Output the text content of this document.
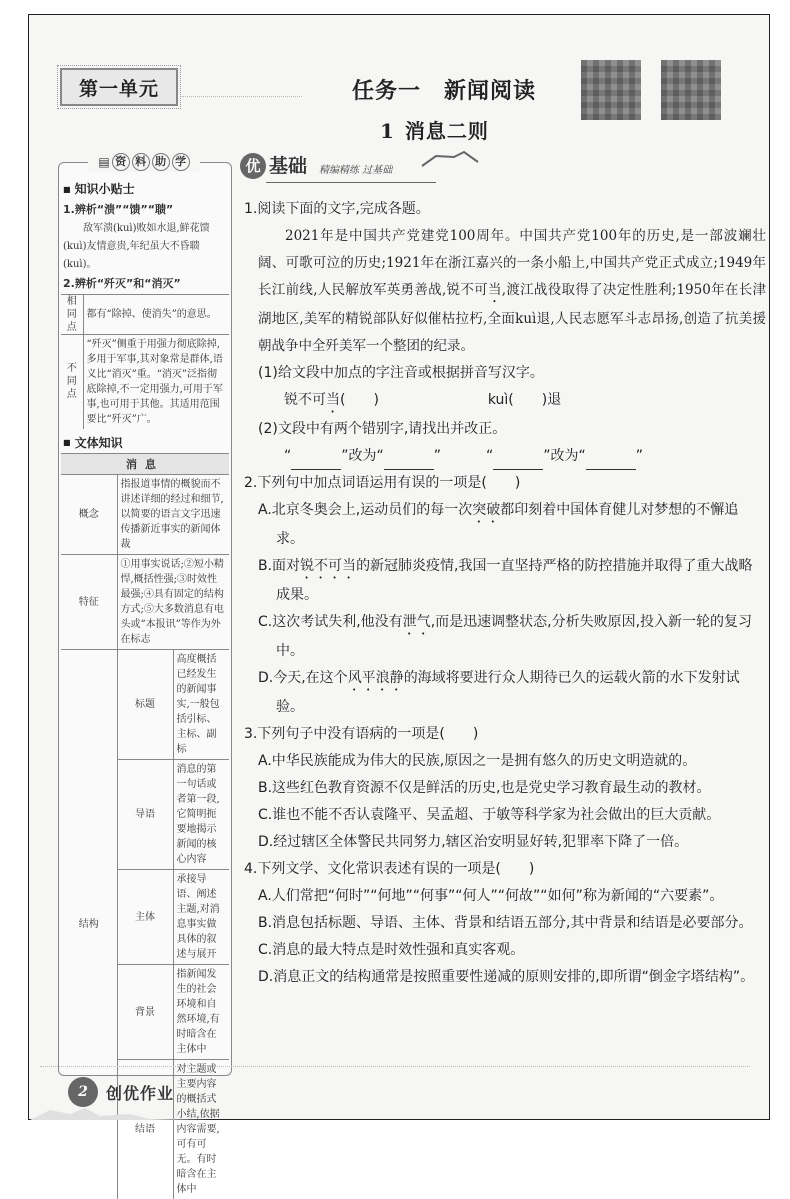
第一单元	任务一　新闻阅读
1 消息二则
▤ 资 料 助 学
■ 知识小贴士
1.辨析“溃”“馈”“聩”
敌军溃(kuì)败如水退,鲜花馈(kuì)友情意贵,年纪虽大不昏聩(kuì)。
2.辨析“歼灭”和“消灭”
相同点	都有“除掉、使消失”的意思。
不同点	“歼灭”侧重于用强力彻底除掉,多用于军事,其对象常是群体,语义比“消灭”重。“消灭”泛指彻底除掉,不一定用强力,可用于军事,也可用于其他。其适用范围要比“歼灭”广。
■ 文体知识
消息		
概念	指报道事情的概貌而不讲述详细的经过和细节,以简要的语言文字迅速传播新近事实的新闻体裁	
特征	①用事实说话;②短小精悍,概括性强;③时效性最强;④具有固定的结构方式;⑤大多数消息有电头或“本报讯”等作为外在标志	
结构	标题	高度概括已经发生的新闻事实,一般包括引标、主标、副标
	导语	消息的第一句话或者第一段,它简明扼要地揭示新闻的核心内容
	主体	承接导语、阐述主题,对消息事实做具体的叙述与展开
	背景	指新闻发生的社会环境和自然环境,有时暗含在主体中
	结语	对主题或主要内容的概括式小结,依据内容需要,可有可无。有时暗含在主体中
优 基础 精编精练 过基础
原创题
1.阅读下面的文字,完成各题。
2021年是中国共产党建党100周年。中国共产党100年的历史,是一部波斓壮阔、可歌可泣的历史;1921年在浙江嘉兴的一条小船上,中国共产党正式成立;1949年长江前线,人民解放军英勇善战,锐不可当,渡江战役取得了决定性胜利;1950年在长津湖地区,美军的精锐部队好似催枯拉朽,全面kuì退,人民志愿军斗志昂扬,创造了抗美援朝战争中全歼美军一个整团的纪录。
(1)给文段中加点的字注音或根据拼音写汉字。
锐不可当(　　)	kuì(　　)退
(2)文段中有两个错别字,请找出并改正。
“	”改为“	”	“	”改为“	”
2.下列句中加点词语运用有误的一项是(　　)
A.北京冬奥会上,运动员们的每一次突破都印刻着中国体育健儿对梦想的不懈追求。
B.面对锐不可当的新冠肺炎疫情,我国一直坚持严格的防控措施并取得了重大战略成果。
C.这次考试失利,他没有泄气,而是迅速调整状态,分析失败原因,投入新一轮的复习中。
D.今天,在这个风平浪静的海域将要进行众人期待已久的运载火箭的水下发射试验。
3.下列句子中没有语病的一项是(　　)
A.中华民族能成为伟大的民族,原因之一是拥有悠久的历史文明造就的。
B.这些红色教育资源不仅是鲜活的历史,也是党史学习教育最生动的教材。
C.谁也不能不否认袁隆平、吴孟超、于敏等科学家为社会做出的巨大贡献。
D.经过辖区全体警民共同努力,辖区治安明显好转,犯罪率下降了一倍。
4.下列文学、文化常识表述有误的一项是(　　)
A.人们常把“何时”“何地”“何事”“何人”“何故”“如何”称为新闻的“六要素”。
B.消息包括标题、导语、主体、背景和结语五部分,其中背景和结语是必要部分。
C.消息的最大特点是时效性强和真实客观。
D.消息正文的结构通常是按照重要性递减的原则安排的,即所谓“倒金字塔结构”。
2	创优作业
